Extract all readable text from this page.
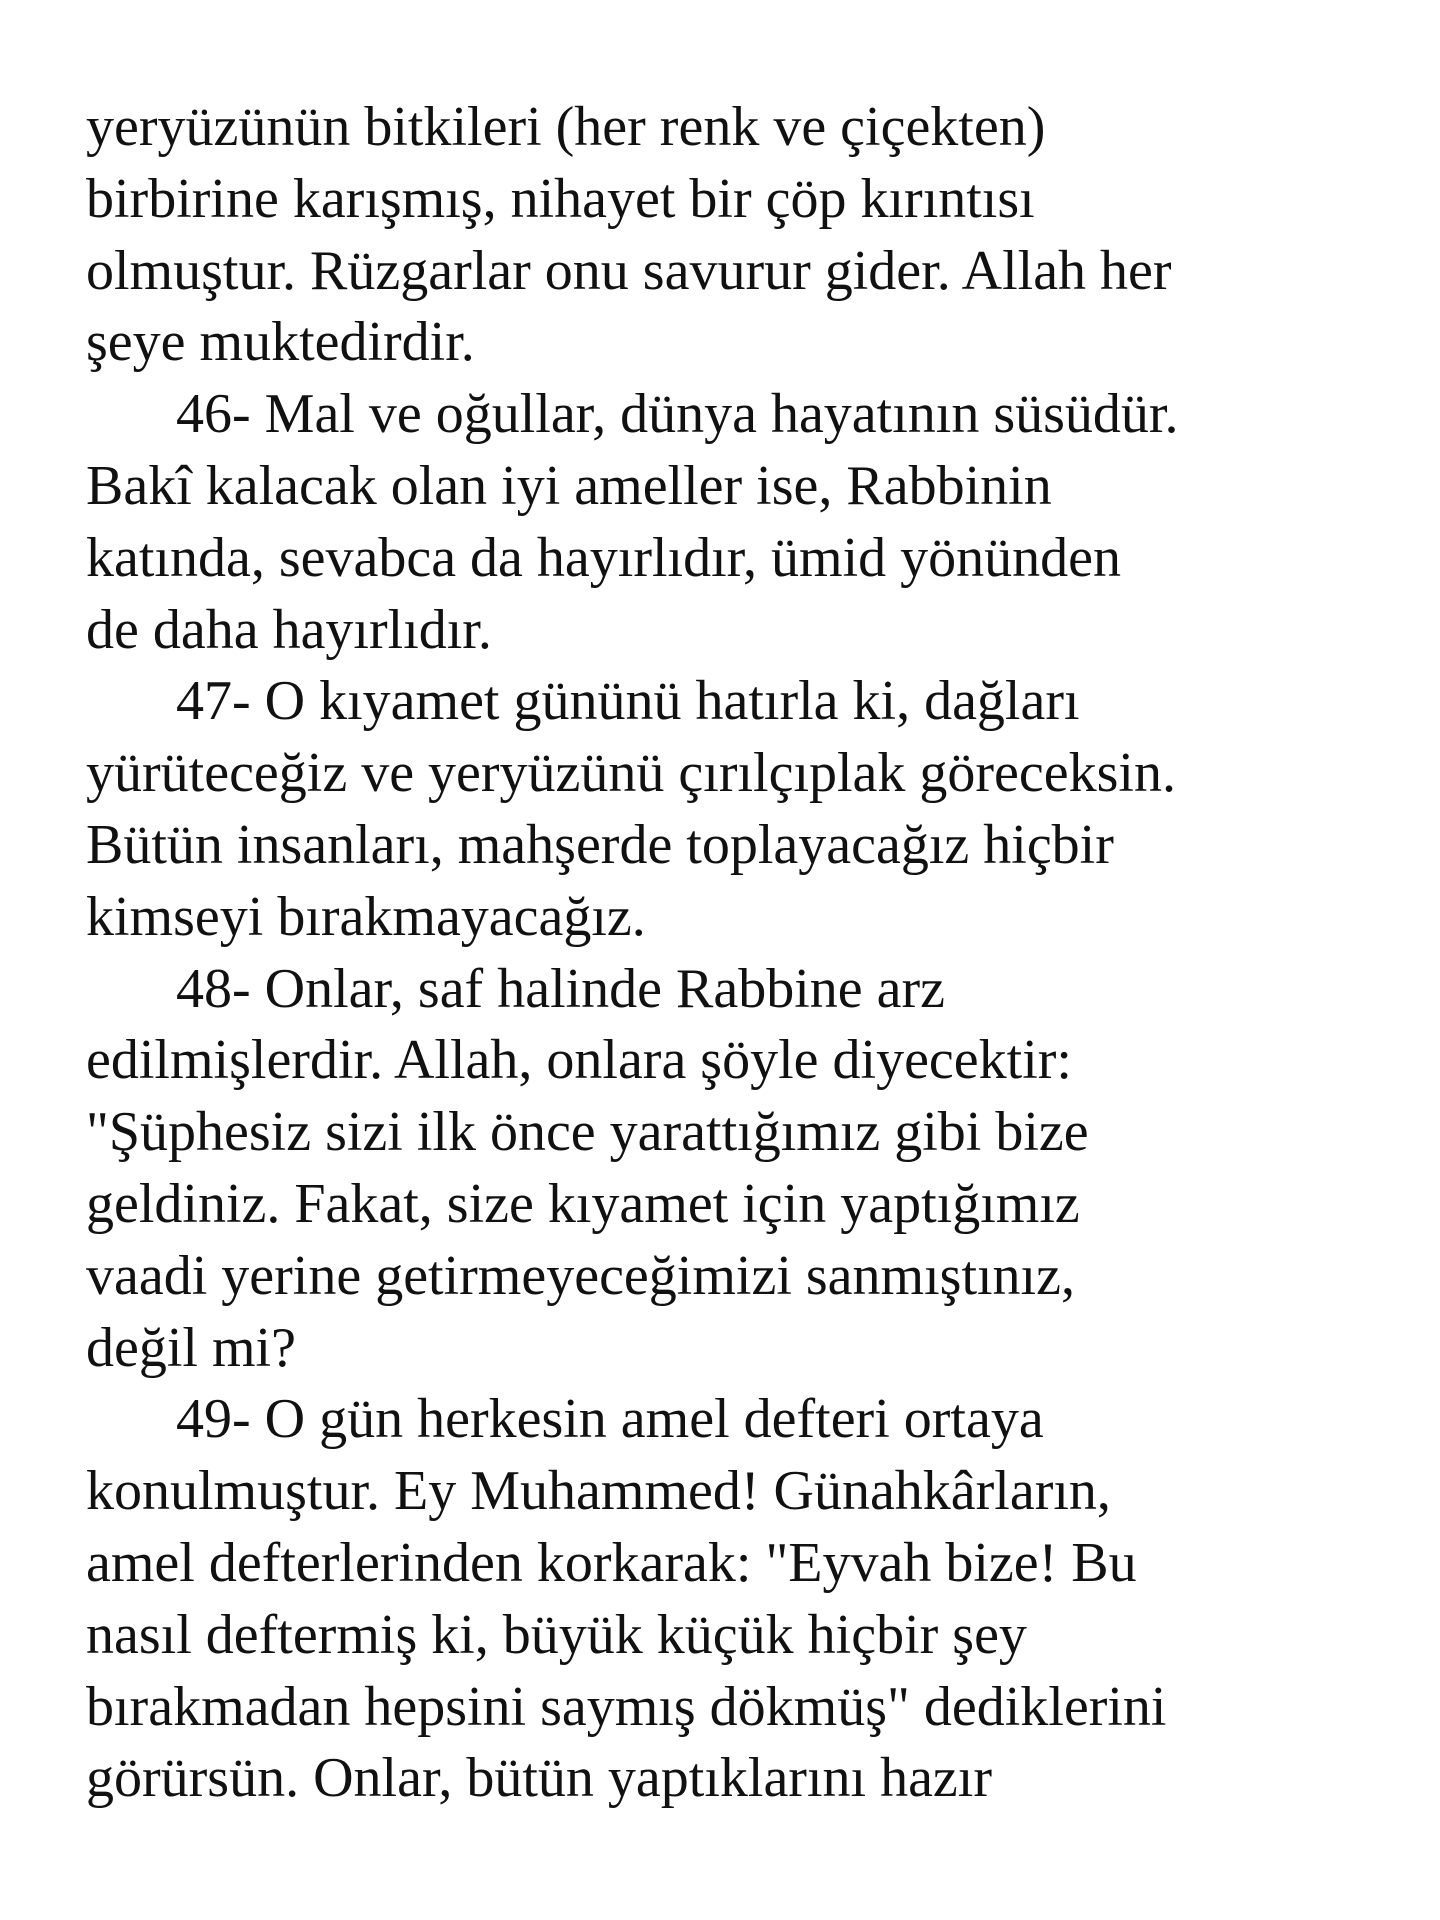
yeryüzünün bitkileri (her renk ve çiçekten)
birbirine karışmış, nihayet bir çöp kırıntısı
olmuştur. Rüzgarlar onu savurur gider. Allah her
şeye muktedirdir.
46- Mal ve oğullar, dünya hayatının süsüdür.
Bakî kalacak olan iyi ameller ise, Rabbinin
katında, sevabca da hayırlıdır, ümid yönünden
de daha hayırlıdır.
47- O kıyamet gününü hatırla ki, dağları
yürüteceğiz ve yeryüzünü çırılçıplak göreceksin.
Bütün insanları, mahşerde toplayacağız hiçbir
kimseyi bırakmayacağız.
48- Onlar, saf halinde Rabbine arz
edilmişlerdir. Allah, onlara şöyle diyecektir:
"Şüphesiz sizi ilk önce yarattığımız gibi bize
geldiniz. Fakat, size kıyamet için yaptığımız
vaadi yerine getirmeyeceğimizi sanmıştınız,
değil mi?
49- O gün herkesin amel defteri ortaya
konulmuştur. Ey Muhammed! Günahkârların,
amel defterlerinden korkarak: "Eyvah bize! Bu
nasıl deftermiş ki, büyük küçük hiçbir şey
bırakmadan hepsini saymış dökmüş" dediklerini
görürsün. Onlar, bütün yaptıklarını hazır
